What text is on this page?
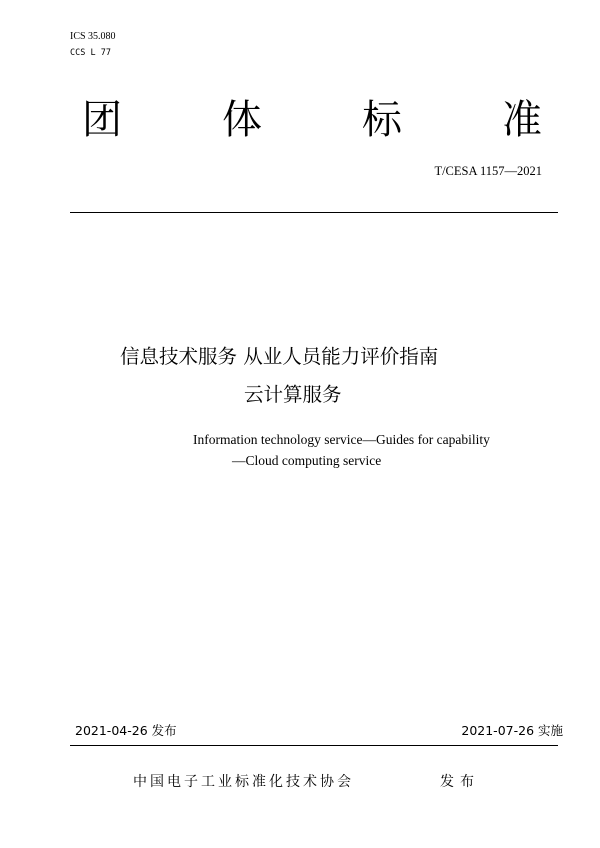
ICS 35.080
CCS L 77
团	体	标	准
T/CESA 1157—2021
信息技术服务 从业人员能力评价指南
云计算服务
Information technology service—Guides for capability
—Cloud computing service
2021-04-26 发布	2021-07-26 实施
中国电子工业标准化技术协会	发布
